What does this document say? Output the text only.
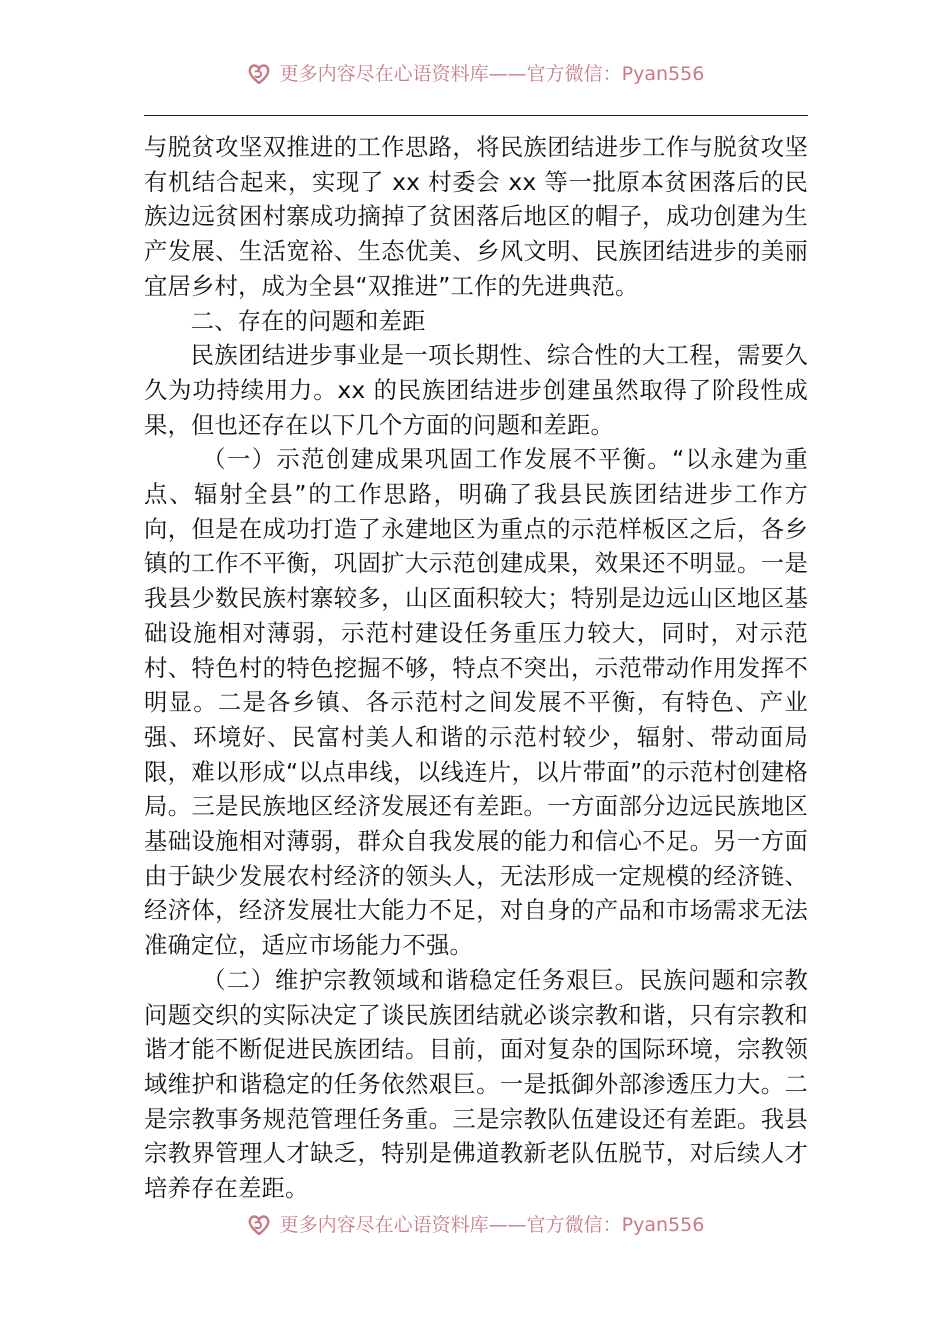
更多内容尽在心语资料库——官方微信：Pyan556

与脱贫攻坚双推进的工作思路，将民族团结进步工作与脱贫攻坚有机结合起来，实现了 xx 村委会 xx 等一批原本贫困落后的民族边远贫困村寨成功摘掉了贫困落后地区的帽子，成功创建为生产发展、生活宽裕、生态优美、乡风文明、民族团结进步的美丽宜居乡村，成为全县“双推进”工作的先进典范。

二、存在的问题和差距

民族团结进步事业是一项长期性、综合性的大工程，需要久久为功持续用力。xx 的民族团结进步创建虽然取得了阶段性成果，但也还存在以下几个方面的问题和差距。

（一）示范创建成果巩固工作发展不平衡。“以永建为重点、辐射全县”的工作思路，明确了我县民族团结进步工作方向，但是在成功打造了永建地区为重点的示范样板区之后，各乡镇的工作不平衡，巩固扩大示范创建成果，效果还不明显。一是我县少数民族村寨较多，山区面积较大；特别是边远山区地区基础设施相对薄弱，示范村建设任务重压力较大，同时，对示范村、特色村的特色挖掘不够，特点不突出，示范带动作用发挥不明显。二是各乡镇、各示范村之间发展不平衡，有特色、产业强、环境好、民富村美人和谐的示范村较少，辐射、带动面局限，难以形成“以点串线，以线连片，以片带面”的示范村创建格局。三是民族地区经济发展还有差距。一方面部分边远民族地区基础设施相对薄弱，群众自我发展的能力和信心不足。另一方面由于缺少发展农村经济的领头人，无法形成一定规模的经济链、经济体，经济发展壮大能力不足，对自身的产品和市场需求无法准确定位，适应市场能力不强。

（二）维护宗教领域和谐稳定任务艰巨。民族问题和宗教问题交织的实际决定了谈民族团结就必谈宗教和谐，只有宗教和谐才能不断促进民族团结。目前，面对复杂的国际环境，宗教领域维护和谐稳定的任务依然艰巨。一是抵御外部渗透压力大。二是宗教事务规范管理任务重。三是宗教队伍建设还有差距。我县宗教界管理人才缺乏，特别是佛道教新老队伍脱节，对后续人才培养存在差距。

更多内容尽在心语资料库——官方微信：Pyan556
